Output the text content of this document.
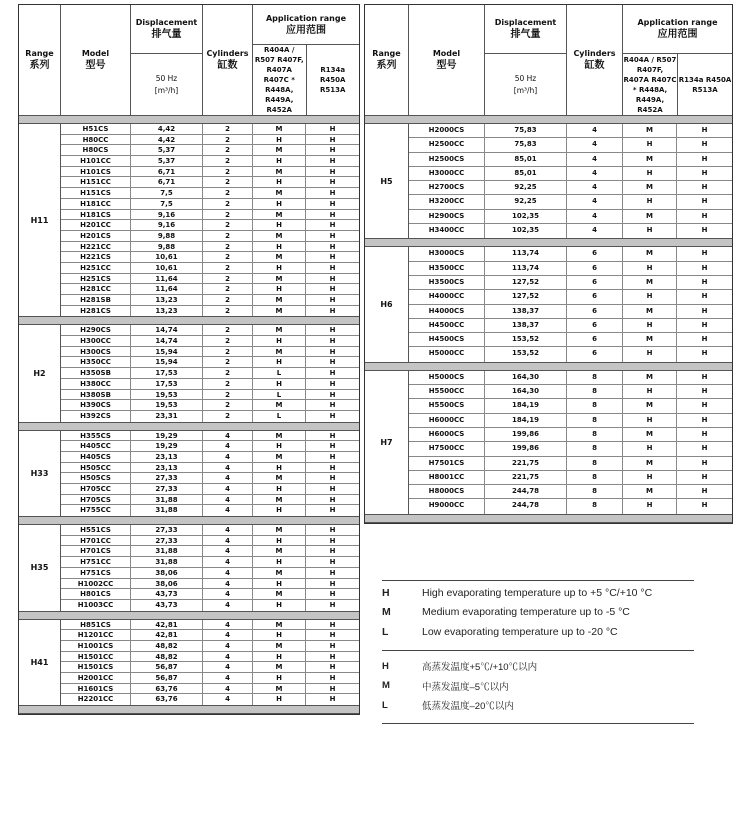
Range
系列
Model
型号
Displacement
排气量
50 Hz
[m³/h]
Cylinders
缸数
Application range
应用范围
R404A / R507 R407F, R407A R407C * R448A, R449A, R452A
R134a R450A R513A
H11
H51CS	4,42	2	M	H
H80CC	4,42	2	H	H
H80CS	5,37	2	M	H
H101CC	5,37	2	H	H
H101CS	6,71	2	M	H
H151CC	6,71	2	H	H
H151CS	7,5	2	M	H
H181CC	7,5	2	H	H
H181CS	9,16	2	M	H
H201CC	9,16	2	H	H
H201CS	9,88	2	M	H
H221CC	9,88	2	H	H
H221CS	10,61	2	M	H
H251CC	10,61	2	H	H
H251CS	11,64	2	M	H
H281CC	11,64	2	H	H
H281SB	13,23	2	M	H
H281CS	13,23	2	M	H
H2
H290CS	14,74	2	M	H
H300CC	14,74	2	H	H
H300CS	15,94	2	M	H
H350CC	15,94	2	H	H
H350SB	17,53	2	L	H
H380CC	17,53	2	H	H
H380SB	19,53	2	L	H
H390CS	19,53	2	M	H
H392CS	23,31	2	L	H
H33
H355CS	19,29	4	M	H
H405CC	19,29	4	H	H
H405CS	23,13	4	M	H
H505CC	23,13	4	H	H
H505CS	27,33	4	M	H
H705CC	27,33	4	H	H
H705CS	31,88	4	M	H
H755CC	31,88	4	H	H
H35
H551CS	27,33	4	M	H
H701CC	27,33	4	H	H
H701CS	31,88	4	M	H
H751CC	31,88	4	H	H
H751CS	38,06	4	M	H
H1002CC	38,06	4	H	H
H801CS	43,73	4	M	H
H1003CC	43,73	4	H	H
H41
H851CS	42,81	4	M	H
H1201CC	42,81	4	H	H
H1001CS	48,82	4	M	H
H1501CC	48,82	4	H	H
H1501CS	56,87	4	M	H
H2001CC	56,87	4	H	H
H1601CS	63,76	4	M	H
H2201CC	63,76	4	H	H
Range
系列
Model
型号
Displacement
排气量
50 Hz
[m³/h]
Cylinders
缸数
Application range
应用范围
R404A / R507 R407F, R407A R407C * R448A, R449A, R452A
R134a R450A R513A
H5
H2000CS	75,83	4	M	H
H2500CC	75,83	4	H	H
H2500CS	85,01	4	M	H
H3000CC	85,01	4	H	H
H2700CS	92,25	4	M	H
H3200CC	92,25	4	H	H
H2900CS	102,35	4	M	H
H3400CC	102,35	4	H	H
H6
H3000CS	113,74	6	M	H
H3500CC	113,74	6	H	H
H3500CS	127,52	6	M	H
H4000CC	127,52	6	H	H
H4000CS	138,37	6	M	H
H4500CC	138,37	6	H	H
H4500CS	153,52	6	M	H
H5000CC	153,52	6	H	H
H7
H5000CS	164,30	8	M	H
H5500CC	164,30	8	H	H
H5500CS	184,19	8	M	H
H6000CC	184,19	8	H	H
H6000CS	199,86	8	M	H
H7500CC	199,86	8	H	H
H7501CS	221,75	8	M	H
H8001CC	221,75	8	H	H
H8000CS	244,78	8	M	H
H9000CC	244,78	8	H	H
H	High evaporating temperature up to +5 °C/+10 °C
M	Medium evaporating temperature up to -5 °C
L	Low evaporating temperature up to -20 °C
H	高蒸发温度+5℃/+10℃以内
M	中蒸发温度–5℃以内
L	低蒸发温度–20℃以内
